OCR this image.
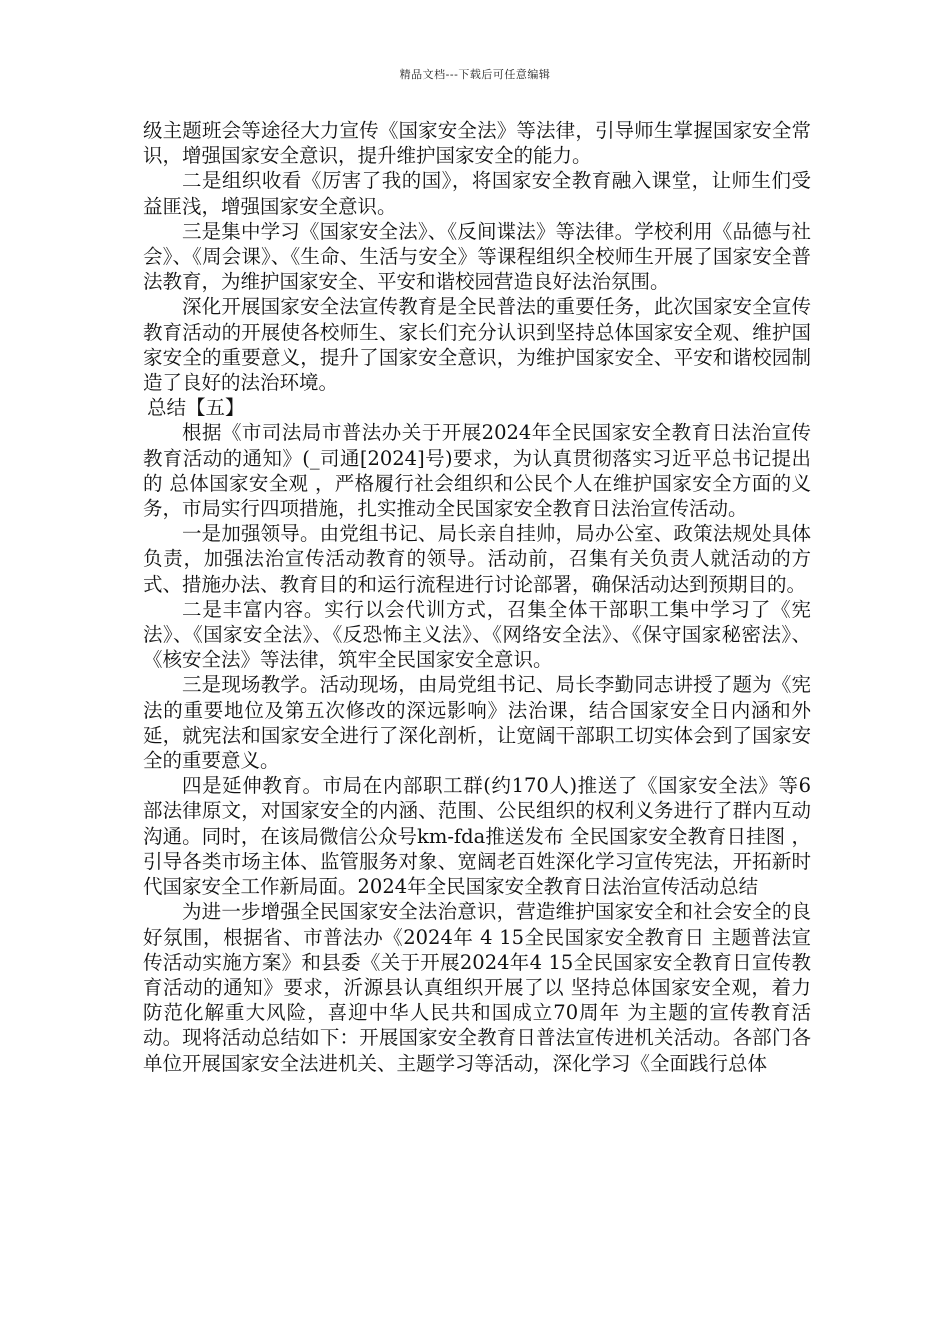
精品文档---下载后可任意编辑

级主题班会等途径大力宣传《国家安全法》等法律，引导师生掌握国家安全常识，增强国家安全意识，提升维护国家安全的能力。

二是组织收看《厉害了我的国》，将国家安全教育融入课堂，让师生们受益匪浅，增强国家安全意识。

三是集中学习《国家安全法》、《反间谍法》等法律。学校利用《品德与社会》、《周会课》、《生命、生活与安全》等课程组织全校师生开展了国家安全普法教育，为维护国家安全、平安和谐校园营造良好法治氛围。

深化开展国家安全法宣传教育是全民普法的重要任务，此次国家安全宣传教育活动的开展使各校师生、家长们充分认识到坚持总体国家安全观、维护国家安全的重要意义，提升了国家安全意识，为维护国家安全、平安和谐校园制造了良好的法治环境。

总结【五】

根据《市司法局市普法办关于开展2024年全民国家安全教育日法治宣传教育活动的通知》(_司通[2024]号)要求，为认真贯彻落实习近平总书记提出的 总体国家安全观 ，严格履行社会组织和公民个人在维护国家安全方面的义务，市局实行四项措施，扎实推动全民国家安全教育日法治宣传活动。

一是加强领导。由党组书记、局长亲自挂帅，局办公室、政策法规处具体负责，加强法治宣传活动教育的领导。活动前，召集有关负责人就活动的方式、措施办法、教育目的和运行流程进行讨论部署，确保活动达到预期目的。

二是丰富内容。实行以会代训方式，召集全体干部职工集中学习了《宪法》、《国家安全法》、《反恐怖主义法》、《网络安全法》、《保守国家秘密法》、《核安全法》等法律，筑牢全民国家安全意识。

三是现场教学。活动现场，由局党组书记、局长李勤同志讲授了题为《宪法的重要地位及第五次修改的深远影响》法治课，结合国家安全日内涵和外延，就宪法和国家安全进行了深化剖析，让宽阔干部职工切实体会到了国家安全的重要意义。

四是延伸教育。市局在内部职工群(约170人)推送了《国家安全法》等6部法律原文，对国家安全的内涵、范围、公民组织的权利义务进行了群内互动沟通。同时，在该局微信公众号km-fda推送发布 全民国家安全教育日挂图 ，引导各类市场主体、监管服务对象、宽阔老百姓深化学习宣传宪法，开拓新时代国家安全工作新局面。2024年全民国家安全教育日法治宣传活动总结

为进一步增强全民国家安全法治意识，营造维护国家安全和社会安全的良好氛围，根据省、市普法办《2024年 4 15全民国家安全教育日 主题普法宣传活动实施方案》和县委《关于开展2024年4 15全民国家安全教育日宣传教育活动的通知》要求，沂源县认真组织开展了以 坚持总体国家安全观，着力防范化解重大风险，喜迎中华人民共和国成立70周年 为主题的宣传教育活动。现将活动总结如下：开展国家安全教育日普法宣传进机关活动。各部门各单位开展国家安全法进机关、主题学习等活动，深化学习《全面践行总体
